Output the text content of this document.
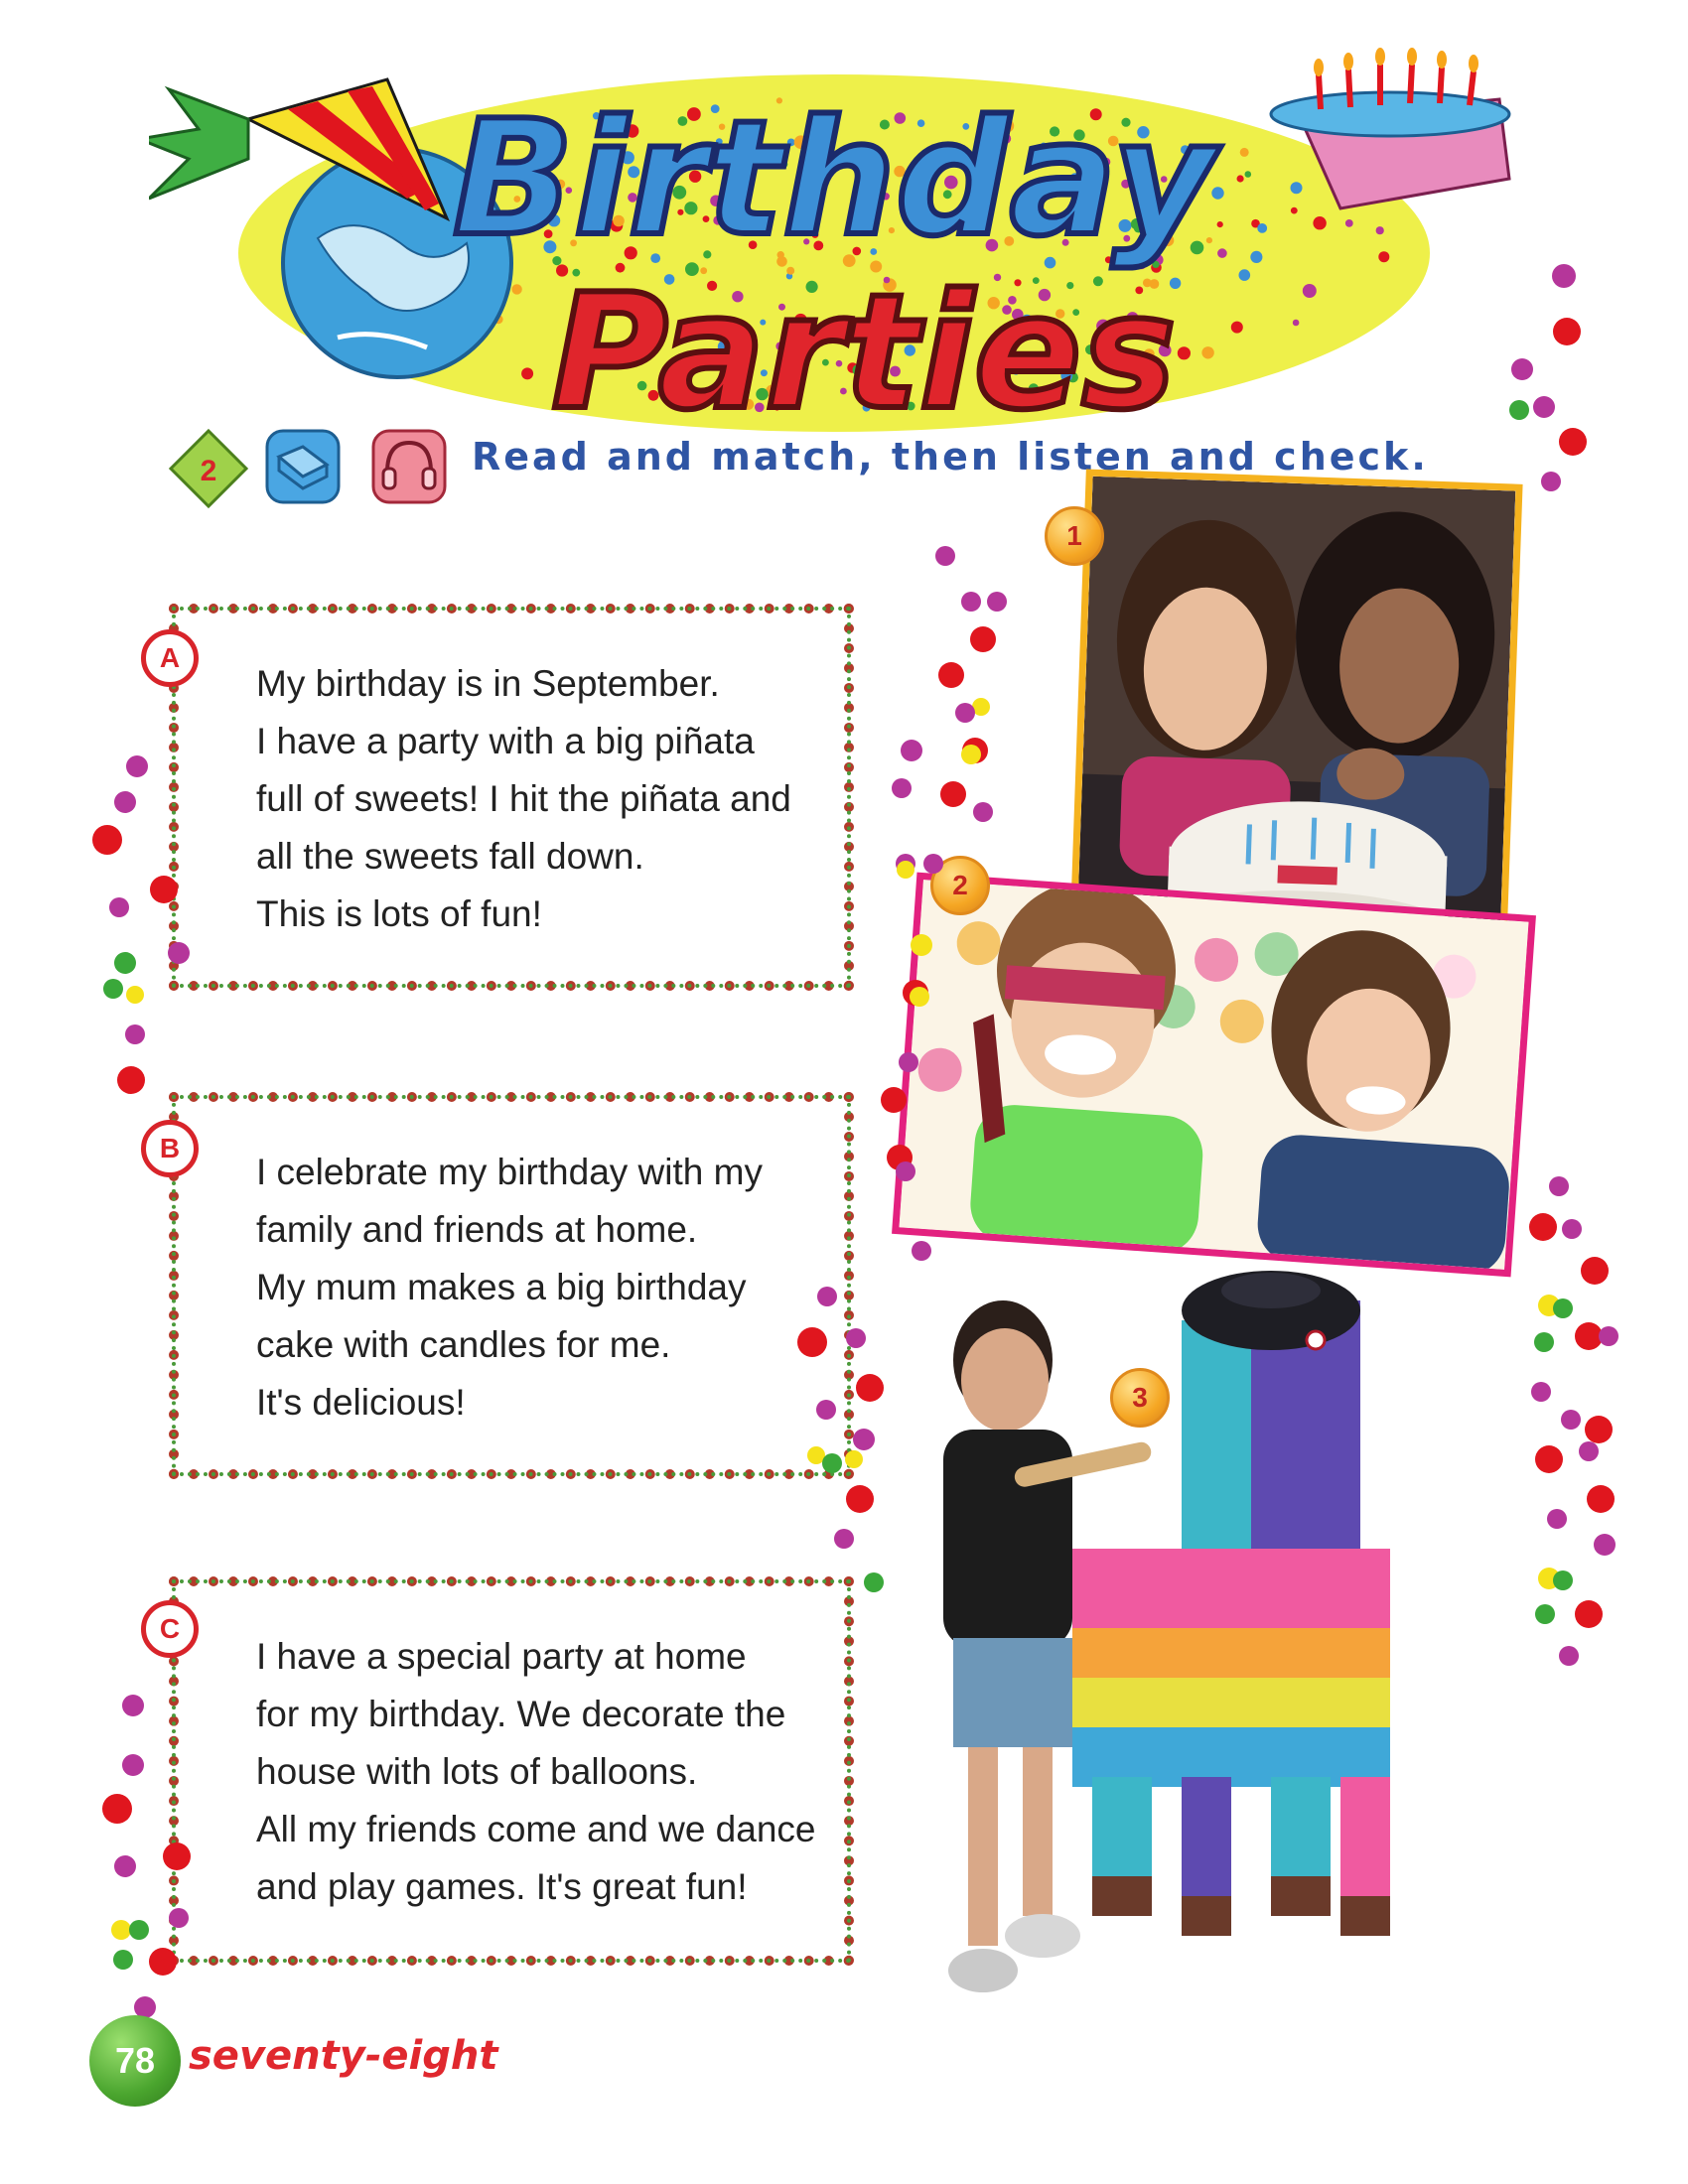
Birthday
Parties
2	Read and match, then listen and check.
My birthday is in September.
I have a party with a big piñata
full of sweets! I hit the piñata and
all the sweets fall down.
This is lots of fun!
A
I celebrate my birthday with my
family and friends at home.
My mum makes a big birthday
cake with candles for me.
It's delicious!
B
I have a special party at home
for my birthday. We decorate the
house with lots of balloons.
All my friends come and we dance
and play games. It's great fun!
C
1
2
3
78 seventy-eight
